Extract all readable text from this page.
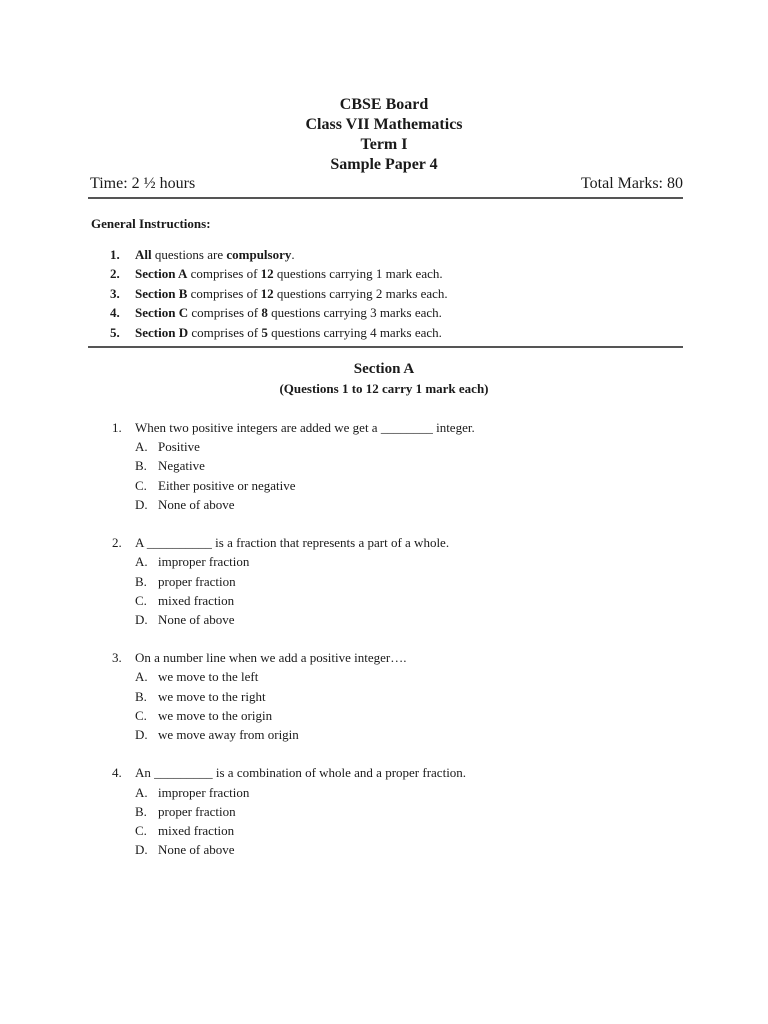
CBSE Board
Class VII Mathematics
Term I
Sample Paper 4
Time: 2 ½ hours	Total Marks: 80
General Instructions:
1. All questions are compulsory.
2. Section A comprises of 12 questions carrying 1 mark each.
3. Section B comprises of 12 questions carrying 2 marks each.
4. Section C comprises of 8 questions carrying 3 marks each.
5. Section D comprises of 5 questions carrying 4 marks each.
Section A
(Questions 1 to 12 carry 1 mark each)
1. When two positive integers are added we get a ________ integer.
A. Positive
B. Negative
C. Either positive or negative
D. None of above
2. A __________ is a fraction that represents a part of a whole.
A. improper fraction
B. proper fraction
C. mixed fraction
D. None of above
3. On a number line when we add a positive integer….
A. we move to the left
B. we move to the right
C. we move to the origin
D. we move away from origin
4. An _________ is a combination of whole and a proper fraction.
A. improper fraction
B. proper fraction
C. mixed fraction
D. None of above
